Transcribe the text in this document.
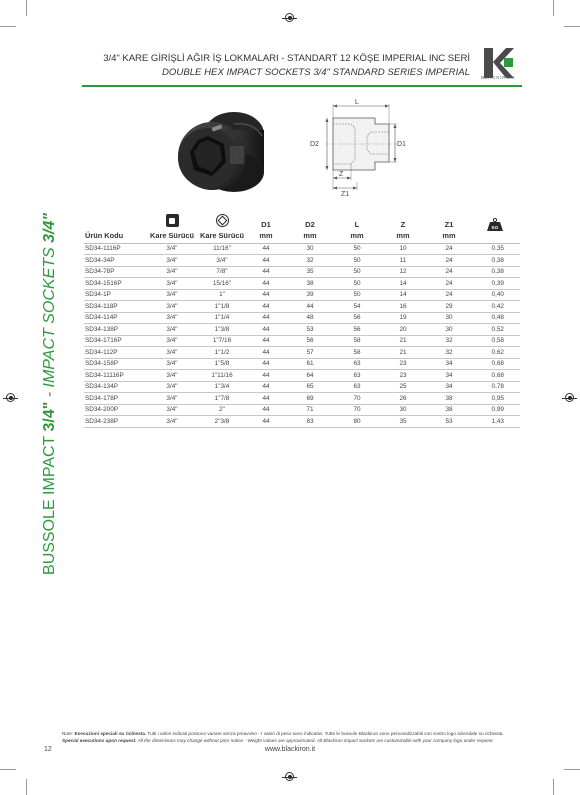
BUSSOLE IMPACT 3/4" - IMPACT SOCKETS 3/4"
3/4" KARE GİRİŞLİ AĞIR İŞ LOKMALARI - STANDART 12 KÖŞE IMPERIAL INC SERİ
DOUBLE HEX IMPACT SOCKETS 3/4" STANDARD SERIES IMPERIAL	BLACKIRON
L
D2	D1
Z
Z1
			D1	D2	L	Z	Z1	KG

Ürün Kodu	Kare Sürücü	Kare Sürücü	mm	mm	mm	mm	mm	
SD34-1116P	3/4"	11/16"	44	30	50	10	24	0,35
SD34-34P	3/4"	3/4"	44	32	50	11	24	0,38
SD34-78P	3/4"	7/8"	44	35	50	12	24	0,38
SD34-1516P	3/4"	15/16"	44	38	50	14	24	0,39
SD34-1P	3/4"	1"	44	39	50	14	24	0,40
SD34-118P	3/4"	1"1/8	44	44	54	16	29	0,42
SD34-114P	3/4"	1"1/4	44	48	56	19	30	0,48
SD34-138P	3/4"	1"3/8	44	53	56	20	30	0,52
SD34-1716P	3/4"	1"7/16	44	56	58	21	32	0,58
SD34-112P	3/4"	1"1/2	44	57	58	21	32	0,62
SD34-158P	3/4"	1"5/8	44	61	63	23	34	0,68
SD34-11116P	3/4"	1"11/16	44	64	63	23	34	0,68
SD34-134P	3/4"	1"3/4	44	65	63	25	34	0,78
SD34-178P	3/4"	1"7/8	44	69	70	26	38	0,95
SD34-200P	3/4"	2"	44	71	70	30	38	0,99
SD34-238P	3/4"	2"3/8	44	83	80	35	53	1,43
Note: Esecuzioni speciali su richiesta. Tutti i valori indicati possono variare senza preavviso - I valori di peso sono indicativi. Tutte le bussole Blackiron sono personalizzabili con vostro logo aziendale su richiesta.
Special executions upon request. All the dimensions may change without prior notice - Weight values are approximated. All Blackiron impact sockets are customizable with your company logo under request.
12	www.blackiron.it
